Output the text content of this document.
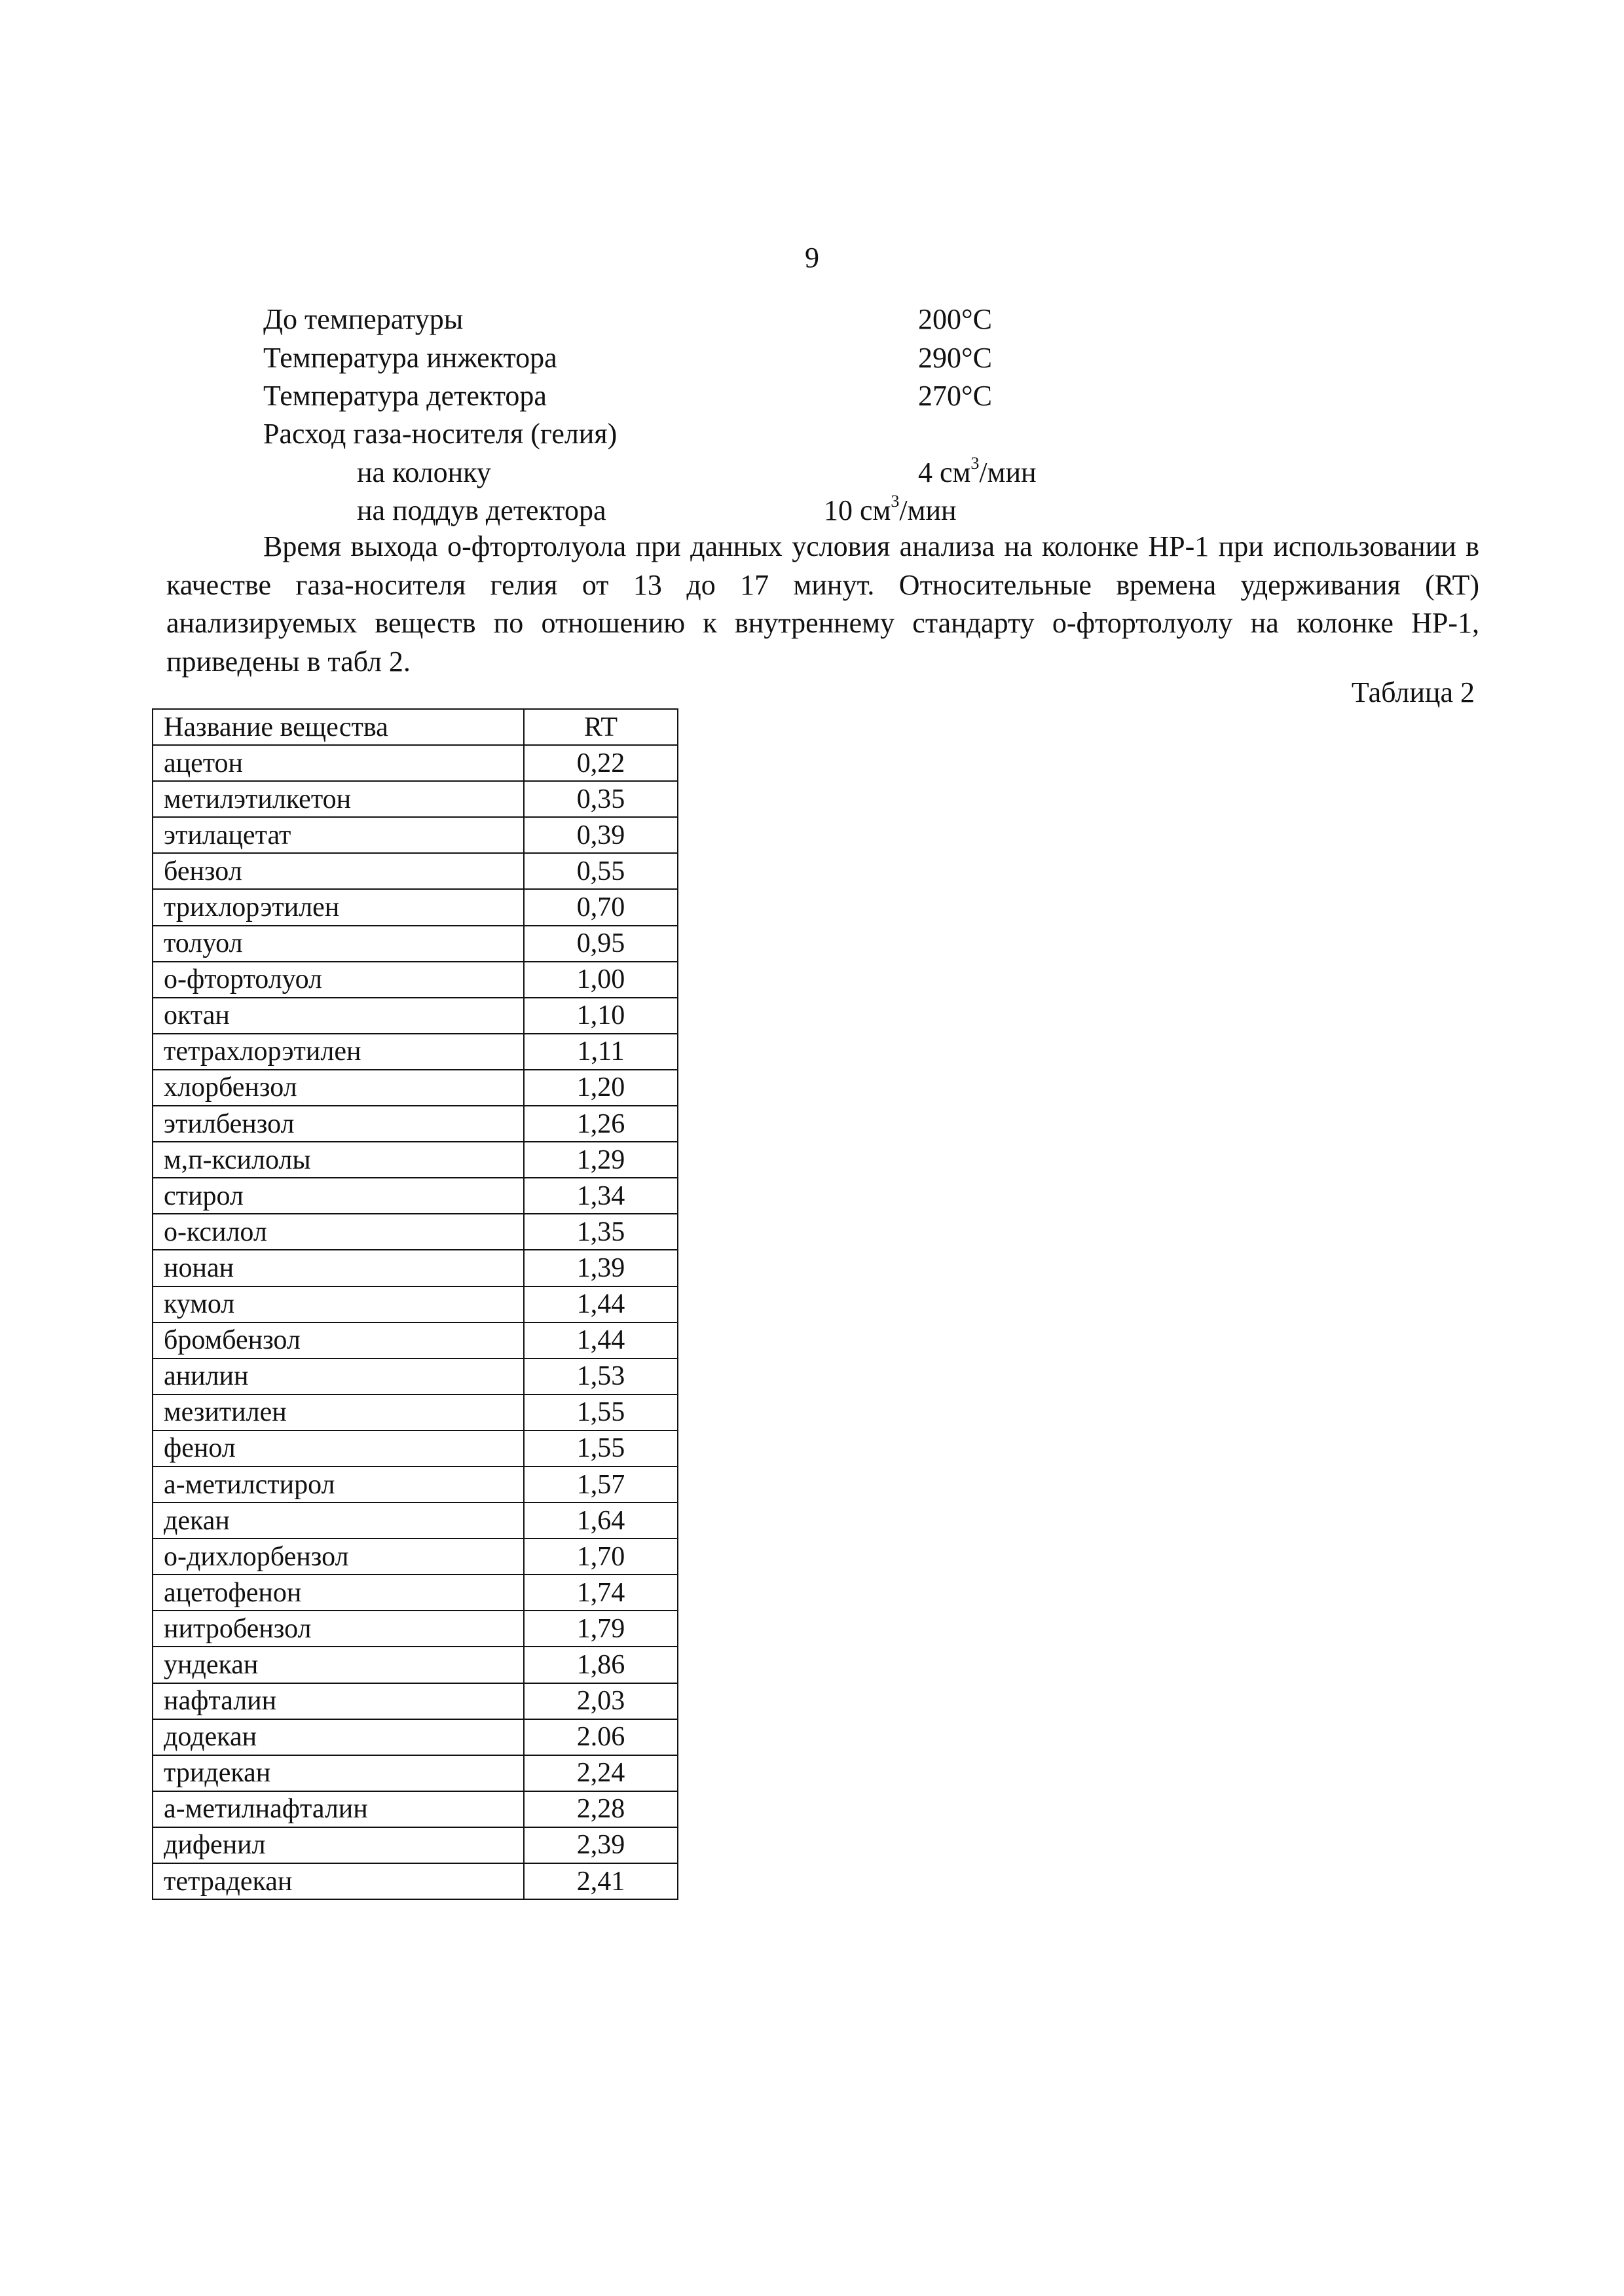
9
До температуры	200°C
Температура инжектора	290°C
Температура детектора	270°C
Расход газа-носителя (гелия)
на колонку	4 $см^3$/мин
на поддув детектора	10 $см^3$/мин
Время выхода о-фтортолуола при данных условия анализа на колонке HP-1 при использовании в качестве газа-носителя гелия от 13 до 17 минут. Относительные времена удерживания (RT) анализируемых веществ по отношению к внутреннему стандарту о-фтортолуолу на колонке HP-1, приведены в табл 2.
Таблица 2
Название вещества	RT
ацетон	0,22
метилэтилкетон	0,35
этилацетат	0,39
бензол	0,55
трихлорэтилен	0,70
толуол	0,95
о-фтортолуол	1,00
октан	1,10
тетрахлорэтилен	1,11
хлорбензол	1,20
этилбензол	1,26
м,п-ксилолы	1,29
стирол	1,34
о-ксилол	1,35
нонан	1,39
кумол	1,44
бромбензол	1,44
анилин	1,53
мезитилен	1,55
фенол	1,55
а-метилстирол	1,57
декан	1,64
о-дихлорбензол	1,70
ацетофенон	1,74
нитробензол	1,79
ундекан	1,86
нафталин	2,03
додекан	2.06
тридекан	2,24
а-метилнафталин	2,28
дифенил	2,39
тетрадекан	2,41
